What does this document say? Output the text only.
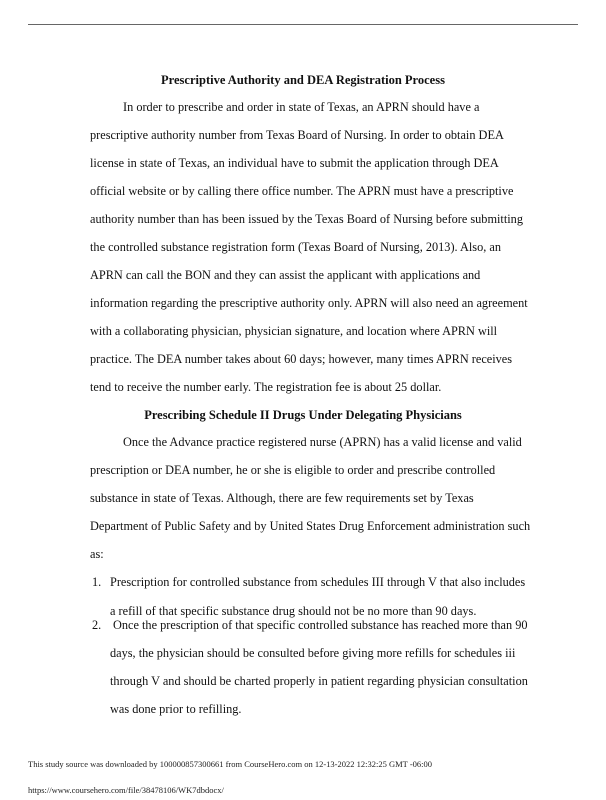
Prescriptive Authority and DEA Registration Process
In order to prescribe and order in state of Texas, an APRN should have a
prescriptive authority number from Texas Board of Nursing. In order to obtain DEA
license in state of Texas, an individual have to submit the application through DEA
official website or by calling there office number. The APRN must have a prescriptive
authority number than has been issued by the Texas Board of Nursing before submitting
the controlled substance registration form (Texas Board of Nursing, 2013). Also, an
APRN can call the BON and they can assist the applicant with applications and
information regarding the prescriptive authority only. APRN will also need an agreement
with a collaborating physician, physician signature, and location where APRN will
practice. The DEA number takes about 60 days; however, many times APRN receives
tend to receive the number early. The registration fee is about 25 dollar.
Prescribing Schedule II Drugs Under Delegating Physicians
Once the Advance practice registered nurse (APRN) has a valid license and valid
prescription or DEA number, he or she is eligible to order and prescribe controlled
substance in state of Texas. Although, there are few requirements set by Texas
Department of Public Safety and by United States Drug Enforcement administration such
as:
1. Prescription for controlled substance from schedules III through V that also includes
a refill of that specific substance drug should not be no more than 90 days.
2. Once the prescription of that specific controlled substance has reached more than 90
days, the physician should be consulted before giving more refills for schedules iii
through V and should be charted properly in patient regarding physician consultation
was done prior to refilling.
This study source was downloaded by 100000857300661 from CourseHero.com on 12-13-2022 12:32:25 GMT -06:00
https://www.coursehero.com/file/38478106/WK7dbdocx/
